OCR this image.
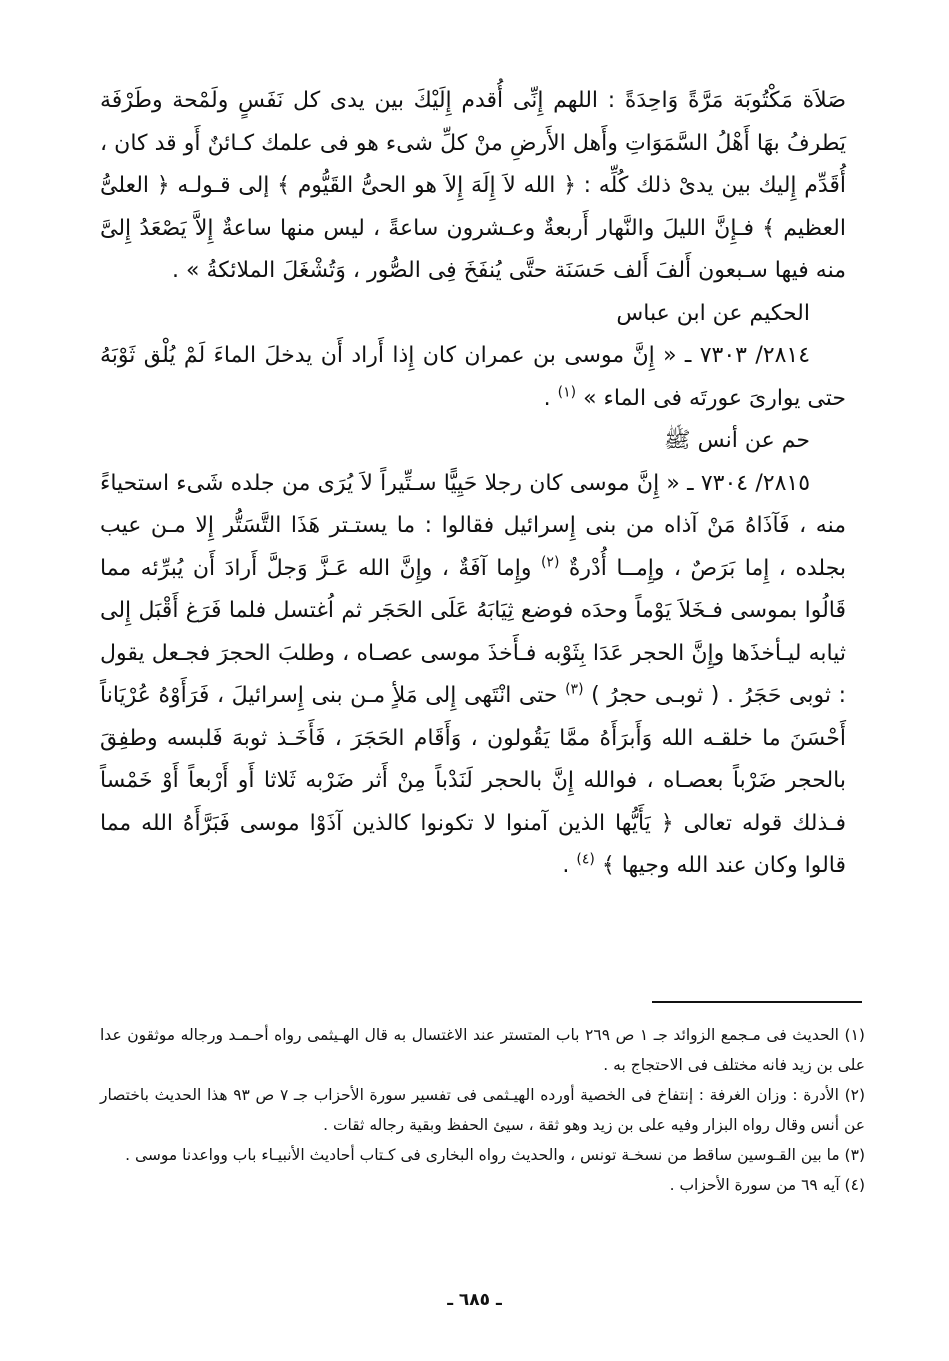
صَلاَة مَكْتُوبَة مَرَّةً وَاحِدَةً : اللهم إِنِّى أُقدم إِلَيْكَ بين يدى كل نَفَسٍ ولَمْحة وطَرْفَة يَطرفُ بهَا أَهْلُ السَّمَوَاتِ وأَهل الأَرضِ منْ كلِّ شىء هو فى علمك كـائنٌ أَو قد كان ، أُقَدِّم إِليك بين يدىْ ذلك كُلِّه : ﴿ الله لاَ إِلَهَ إِلاَ هو الحىُّ القَيُّوم ﴾ إلى قـولـه ﴿ العلىُّ العظيم ﴾ فـإِنَّ الليلَ والنَّهار أَربعةٌ وعـشرون ساعةً ، ليس منها ساعةٌ إِلاَّ يَصْعَدُ إِلىَّ منه فيها سـبعون أَلفَ أَلف حَسَنَة حتَّى يُنفَخَ فِى الصُّور ، وَتُشْغَلَ الملائكةُ » .

الحكيم عن ابن عباس

٢٨١٤/ ٧٣٠٣ ـ « إِنَّ موسى بن عمران كان إِذا أَراد أَن يدخلَ الماءَ لَمْ يُلْق ثَوْبَهُ حتى يوارىَ عورتَه فى الماء » $^{(١)}$ .

حم عن أنس ﷺ

٢٨١٥/ ٧٣٠٤ ـ « إِنَّ موسى كان رجلا حَيِيًّا سـتِّيراً لاَ يُرَى من جلده شَىء استحياءً منه ، فَآذَاهُ مَنْ آذاه من بنى إِسرائيل فقالوا : ما يستـتر هَذَا التَّسَتُّر إِلا مـن عيب بجلده ، إِما بَرَصٌ ، وإِمــا أُدْرةٌ $^{(٢)}$ وإِما آفَةٌ ، وإِنَّ الله عَـزَّ وَجلَّ أَرادَ أَن يُبرِّئه مما قَالُوا بموسى فـخَلاَ يَوْماً وحدَه فوضع ثِيَابَهُ عَلَى الحَجَر ثم اُغتسل فلما فَرَغ أَقْبَل إِلى ثيابه ليـأخذَها وإِنَّ الحجر عَدَا بِثَوْبه فـأَخذَ موسى عصـاه ، وطلبَ الحجرَ فجـعل يقول : ثوبى حَجَرُ . ( ثوبـى حجرُ ) $^{(٣)}$ حتى انْتَهى إِلى مَلأٍ مـن بنى إِسرائيلَ ، فَرَأَوْهُ عُرْيَاناً أَحْسَنَ ما خلقـه الله وَأَبرَأَهُ ممَّا يَقُولون ، وَأَقَام الحَجَرَ ، فَأَخَـذ ثوبهَ فَلبسه وطفِقَ بالحجر ضَرْباً بعصـاه ، فوالله إِنَّ بالحجر لَنَدْباً مِنْ أَثر ضَرْبه ثَلاثا أَو أَرْبعاً أَوْ خَمْساً فـذلك قوله تعالى ﴿ يَأَيُّها الذين آمنوا لا تكونوا كالذين آذَوْا موسى فَبَرَّأَهُ الله مما قالوا وكان عند الله وجيها ﴾ $^{(٤)}$ .

(١) الحديث فى مـجمع الزوائد جـ ١ ص ٢٦٩ باب المتستر عند الاغتسال به قال الهـيثمى رواه أحـمـد ورجاله موثقون عدا على بن زيد فانه مختلف فى الاحتجاج به .

(٢) الأدرة : وزان الغرفة : إنتفاخ فى الخصية أورده الهيـثمى فى تفسير سورة الأحزاب جـ ٧ ص ٩٣ هذا الحديث باختصار عن أنس وقال رواه البزار وفيه على بن زيد وهو ثقة ، سيئ الحفظ وبقية رجاله ثقات .

(٣) ما بين القـوسين ساقط من نسخـة تونس ، والحديث رواه البخارى فى كـتاب أحاديث الأنبيـاء باب وواعدنا موسى .

(٤) آيه ٦٩ من سورة الأحزاب .

ـ ٦٨٥ ـ
